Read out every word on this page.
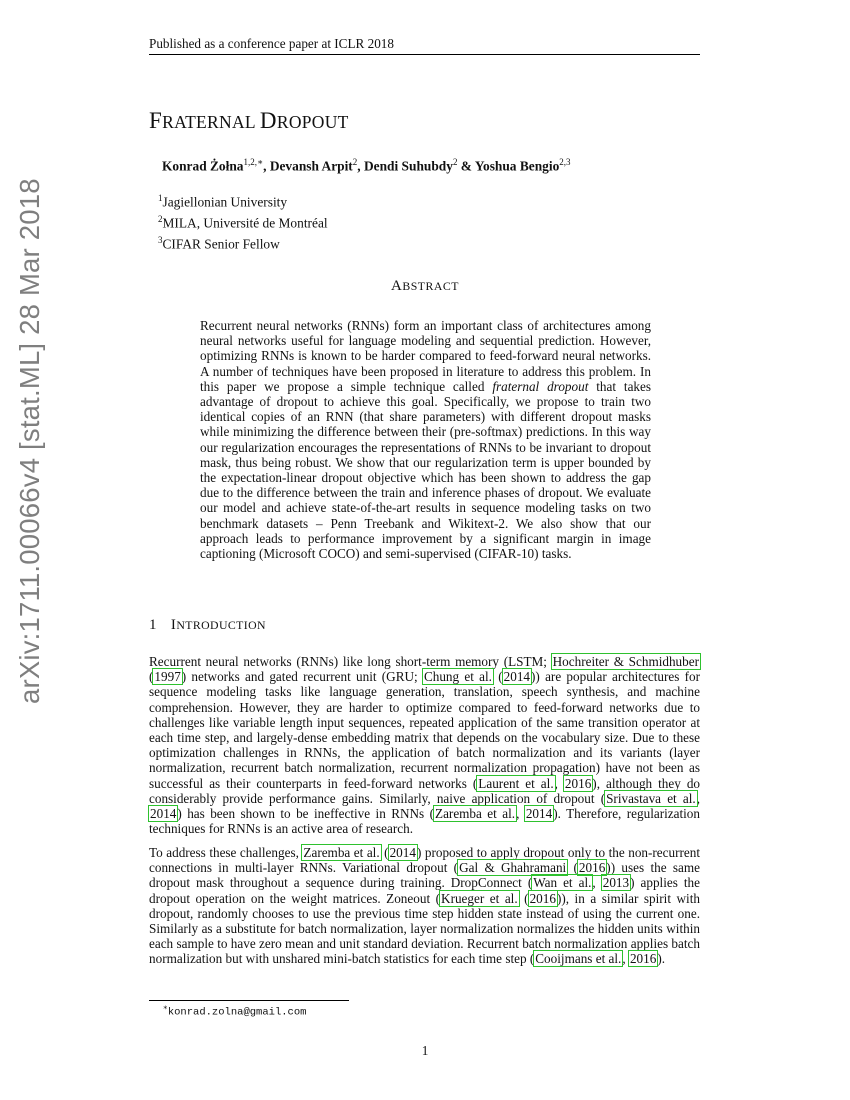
Published as a conference paper at ICLR 2018
FRATERNAL DROPOUT
Konrad Żołna$^{1,2,∗}$, Devansh Arpit$^2$, Dendi Suhubdy$^2$ & Yoshua Bengio$^{2,3}$
$^1$Jagiellonian University
$^2$MILA, Université de Montréal
$^3$CIFAR Senior Fellow
arXiv:1711.00066v4 [stat.ML] 28 Mar 2018	ABSTRACT
Recurrent neural networks (RNNs) form an important class of architectures among neural networks useful for language modeling and sequential prediction. However, optimizing RNNs is known to be harder compared to feed-forward neural networks. A number of techniques have been proposed in literature to address this problem. In this paper we propose a simple technique called fraternal dropout that takes advantage of dropout to achieve this goal. Specifically, we propose to train two identical copies of an RNN (that share parameters) with different dropout masks while minimizing the difference between their (pre-softmax) predictions. In this way our regularization encourages the representations of RNNs to be invariant to dropout mask, thus being robust. We show that our regularization term is upper bounded by the expectation-linear dropout objective which has been shown to address the gap due to the difference between the train and inference phases of dropout. We evaluate our model and achieve state-of-the-art results in sequence modeling tasks on two benchmark datasets – Penn Treebank and Wikitext-2. We also show that our approach leads to performance improvement by a significant margin in image captioning (Microsoft COCO) and semi-supervised (CIFAR-10) tasks.
1 INTRODUCTION
Recurrent neural networks (RNNs) like long short-term memory (LSTM; Hochreiter & Schmidhuber (1997) networks and gated recurrent unit (GRU; Chung et al. (2014)) are popular architectures for sequence modeling tasks like language generation, translation, speech synthesis, and machine comprehension. However, they are harder to optimize compared to feed-forward networks due to challenges like variable length input sequences, repeated application of the same transition operator at each time step, and largely-dense embedding matrix that depends on the vocabulary size. Due to these optimization challenges in RNNs, the application of batch normalization and its variants (layer normalization, recurrent batch normalization, recurrent normalization propagation) have not been as successful as their counterparts in feed-forward networks (Laurent et al., 2016), although they do considerably provide performance gains. Similarly, naive application of dropout (Srivastava et al., 2014) has been shown to be ineffective in RNNs (Zaremba et al., 2014). Therefore, regularization techniques for RNNs is an active area of research.
To address these challenges, Zaremba et al. (2014) proposed to apply dropout only to the non-recurrent connections in multi-layer RNNs. Variational dropout (Gal & Ghahramani (2016)) uses the same dropout mask throughout a sequence during training. DropConnect (Wan et al., 2013) applies the dropout operation on the weight matrices. Zoneout (Krueger et al. (2016)), in a similar spirit with dropout, randomly chooses to use the previous time step hidden state instead of using the current one. Similarly as a substitute for batch normalization, layer normalization normalizes the hidden units within each sample to have zero mean and unit standard deviation. Recurrent batch normalization applies batch normalization but with unshared mini-batch statistics for each time step (Cooijmans et al., 2016).
∗konrad.zolna@gmail.com
1
